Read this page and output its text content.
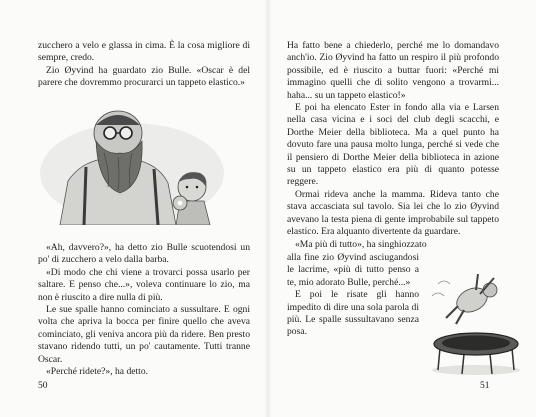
zucchero a velo e glassa in cima. È la cosa migliore di sempre, credo.

Zio Øyvind ha guardato zio Bulle. «Oscar è del parere che dovremmo procurarci un tappeto elastico.»

«Ah, davvero?», ha detto zio Bulle scuotendosi un po' di zucchero a velo dalla barba.

«Di modo che chi viene a trovarci possa usarlo per saltare. E penso che...», voleva continuare lo zio, ma non è riuscito a dire nulla di più.

Le sue spalle hanno cominciato a sussultare. E ogni volta che apriva la bocca per finire quello che aveva cominciato, gli veniva ancora più da ridere. Ben presto stavano ridendo tutti, un po' cautamente. Tutti tranne Oscar.

«Perché ridete?», ha detto.

50

Ha fatto bene a chiederlo, perché me lo domandavo anch'io. Zio Øyvind ha fatto un respiro il più profondo possibile, ed è riuscito a buttar fuori: «Perché mi immagino quelli che di solito vengono a trovarmi... haha... su un tappeto elastico!»

E poi ha elencato Ester in fondo alla via e Larsen nella casa vicina e i soci del club degli scacchi, e Dorthe Meier della biblioteca. Ma a quel punto ha dovuto fare una pausa molto lunga, perché si vede che il pensiero di Dorthe Meier della biblioteca in azione su un tappeto elastico era più di quanto potesse reggere.

Ormai rideva anche la mamma. Rideva tanto che stava accasciata sul tavolo. Sia lei che lo zio Øyvind avevano la testa piena di gente improbabile sul tappeto elastico. Era alquanto divertente da guardare.

«Ma più di tutto», ha singhiozzato

alla fine zio Øyvind asciugandosi le lacrime, «più di tutto penso a te, mio adorato Bulle, perché...»

E poi le risate gli hanno impedito di dire una sola parola di più. Le spalle sussultavano senza posa.

51
